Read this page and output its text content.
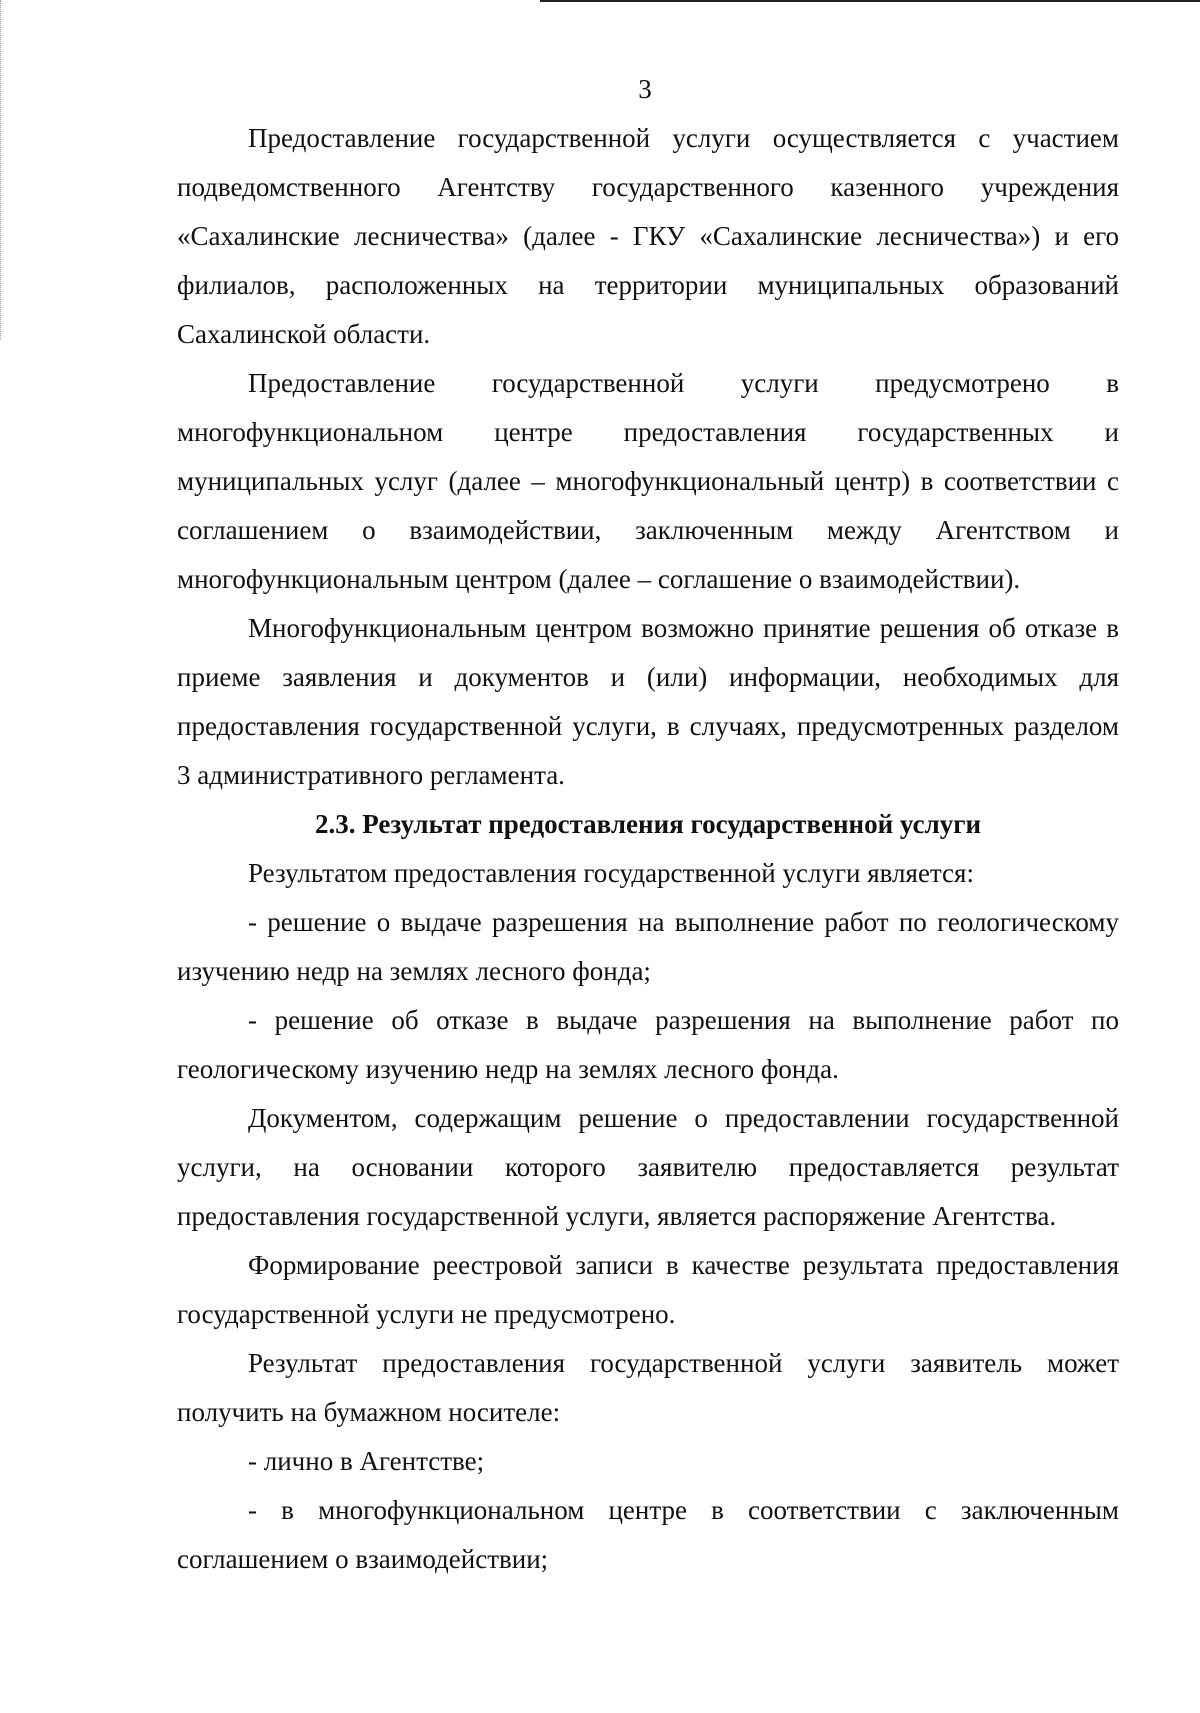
3

Предоставление государственной услуги осуществляется с участием подведомственного Агентству государственного казенного учреждения «Сахалинские лесничества» (далее - ГКУ «Сахалинские лесничества») и его филиалов, расположенных на территории муниципальных образований Сахалинской области.

Предоставление государственной услуги предусмотрено в многофункциональном центре предоставления государственных и муниципальных услуг (далее – многофункциональный центр) в соответствии с соглашением о взаимодействии, заключенным между Агентством и многофункциональным центром (далее – соглашение о взаимодействии).

Многофункциональным центром возможно принятие решения об отказе в приеме заявления и документов и (или) информации, необходимых для предоставления государственной услуги, в случаях, предусмотренных разделом 3 административного регламента.

2.3. Результат предоставления государственной услуги

Результатом предоставления государственной услуги является:

- решение о выдаче разрешения на выполнение работ по геологическому изучению недр на землях лесного фонда;

- решение об отказе в выдаче разрешения на выполнение работ по геологическому изучению недр на землях лесного фонда.

Документом, содержащим решение о предоставлении государственной услуги, на основании которого заявителю предоставляется результат предоставления государственной услуги, является распоряжение Агентства.

Формирование реестровой записи в качестве результата предоставления государственной услуги не предусмотрено.

Результат предоставления государственной услуги заявитель может получить на бумажном носителе:

- лично в Агентстве;

- в многофункциональном центре в соответствии с заключенным соглашением о взаимодействии;
